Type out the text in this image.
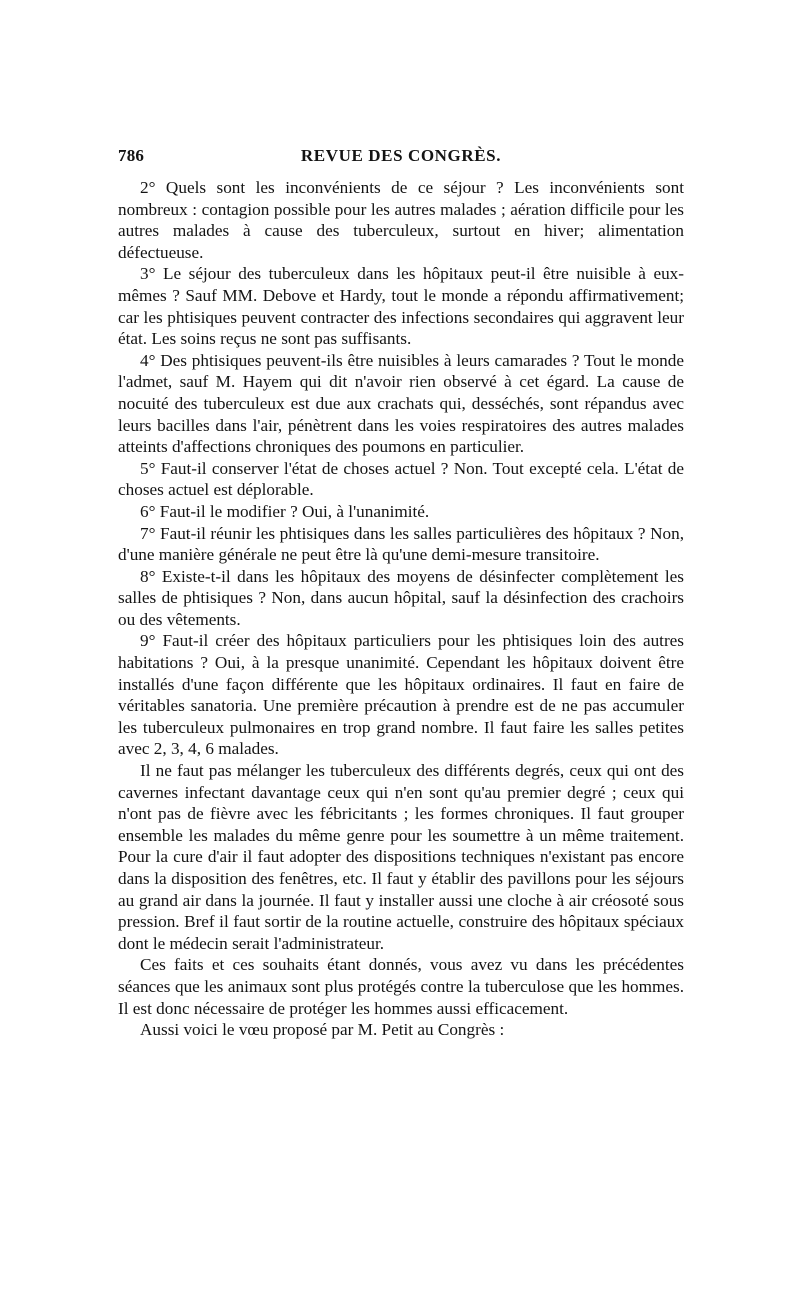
786	REVUE DES CONGRÈS.

2° Quels sont les inconvénients de ce séjour ? Les inconvénients sont nombreux : contagion possible pour les autres malades ; aération difficile pour les autres malades à cause des tuberculeux, surtout en hiver; alimentation défectueuse.

3° Le séjour des tuberculeux dans les hôpitaux peut-il être nuisible à eux-mêmes ? Sauf MM. Debove et Hardy, tout le monde a répondu affirmativement; car les phtisiques peuvent contracter des infections secondaires qui aggravent leur état. Les soins reçus ne sont pas suffisants.

4° Des phtisiques peuvent-ils être nuisibles à leurs camarades ? Tout le monde l'admet, sauf M. Hayem qui dit n'avoir rien observé à cet égard. La cause de nocuité des tuberculeux est due aux crachats qui, desséchés, sont répandus avec leurs bacilles dans l'air, pénètrent dans les voies respiratoires des autres malades atteints d'affections chroniques des poumons en particulier.

5° Faut-il conserver l'état de choses actuel ? Non. Tout excepté cela. L'état de choses actuel est déplorable.

6° Faut-il le modifier ? Oui, à l'unanimité.

7° Faut-il réunir les phtisiques dans les salles particulières des hôpitaux ? Non, d'une manière générale ne peut être là qu'une demi-mesure transitoire.

8° Existe-t-il dans les hôpitaux des moyens de désinfecter complètement les salles de phtisiques ? Non, dans aucun hôpital, sauf la désinfection des crachoirs ou des vêtements.

9° Faut-il créer des hôpitaux particuliers pour les phtisiques loin des autres habitations ? Oui, à la presque unanimité. Cependant les hôpitaux doivent être installés d'une façon différente que les hôpitaux ordinaires. Il faut en faire de véritables sanatoria. Une première précaution à prendre est de ne pas accumuler les tuberculeux pulmonaires en trop grand nombre. Il faut faire les salles petites avec 2, 3, 4, 6 malades.

Il ne faut pas mélanger les tuberculeux des différents degrés, ceux qui ont des cavernes infectant davantage ceux qui n'en sont qu'au premier degré ; ceux qui n'ont pas de fièvre avec les fébricitants ; les formes chroniques. Il faut grouper ensemble les malades du même genre pour les soumettre à un même traitement. Pour la cure d'air il faut adopter des dispositions techniques n'existant pas encore dans la disposition des fenêtres, etc. Il faut y établir des pavillons pour les séjours au grand air dans la journée. Il faut y installer aussi une cloche à air créosoté sous pression. Bref il faut sortir de la routine actuelle, construire des hôpitaux spéciaux dont le médecin serait l'administrateur.

Ces faits et ces souhaits étant donnés, vous avez vu dans les précédentes séances que les animaux sont plus protégés contre la tuberculose que les hommes. Il est donc nécessaire de protéger les hommes aussi efficacement.

Aussi voici le vœu proposé par M. Petit au Congrès :
